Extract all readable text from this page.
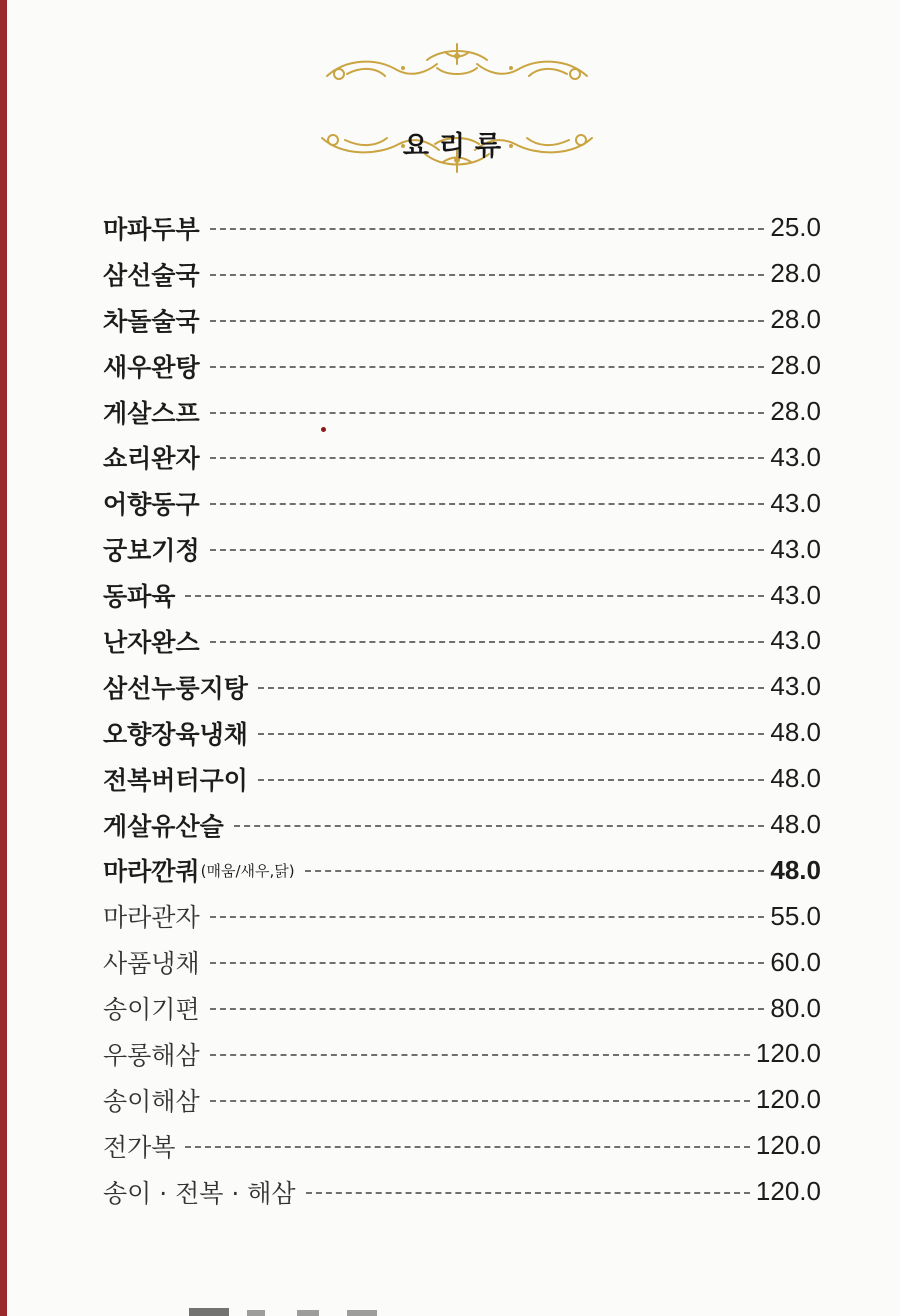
요리류
마파두부	25.0
삼선술국	28.0
차돌술국	28.0
새우완탕	28.0
게살스프	28.0
쇼리완자	43.0
어향동구	43.0
궁보기정	43.0
동파육	43.0
난자완스	43.0
삼선누룽지탕	43.0
오향장육냉채	48.0
전복버터구이	48.0
게살유산슬	48.0
마라깐쿼 (매움/새우,닭)	48.0
마라관자	55.0
사품냉채	60.0
송이기편	80.0
우롱해삼	120.0
송이해삼	120.0
전가복	120.0
송이 · 전복 · 해삼	120.0
